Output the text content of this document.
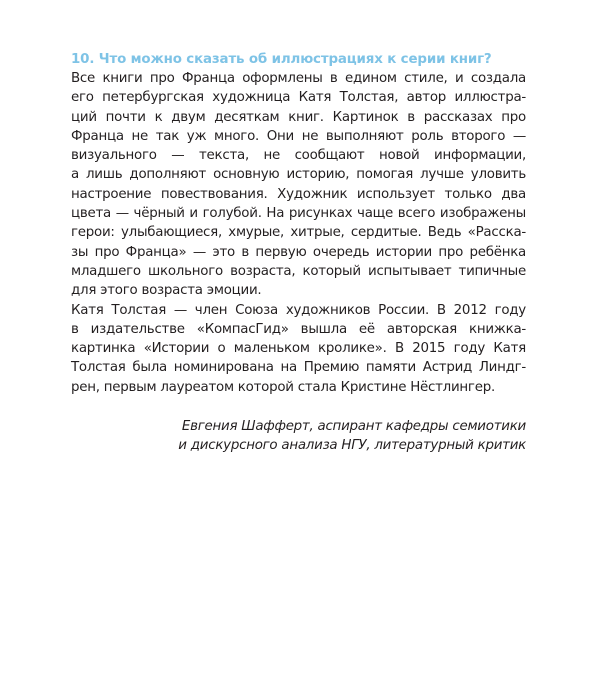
10. Что можно сказать об иллюстрациях к серии книг?
Все книги про Франца оформлены в едином стиле, и создала
его петербургская художница Катя Толстая, автор иллюстра-
ций почти к двум десяткам книг. Картинок в рассказах про
Франца не так уж много. Они не выполняют роль второго —
визуального — текста, не сообщают новой информации,
а лишь дополняют основную историю, помогая лучше уловить
настроение повествования. Художник использует только два
цвета — чёрный и голубой. На рисунках чаще всего изображены
герои: улыбающиеся, хмурые, хитрые, сердитые. Ведь «Расска-
зы про Франца» — это в первую очередь истории про ребёнка
младшего школьного возраста, который испытывает типичные
для этого возраста эмоции.
Катя Толстая — член Союза художников России. В 2012 году
в издательстве «КомпасГид» вышла её авторская книжка-
картинка «Истории о маленьком кролике». В 2015 году Катя
Толстая была номинирована на Премию памяти Астрид Линдг-
рен, первым лауреатом которой стала Кристине Нёстлингер.
Евгения Шафферт, аспирант кафедры семиотики
и дискурсного анализа НГУ, литературный критик
